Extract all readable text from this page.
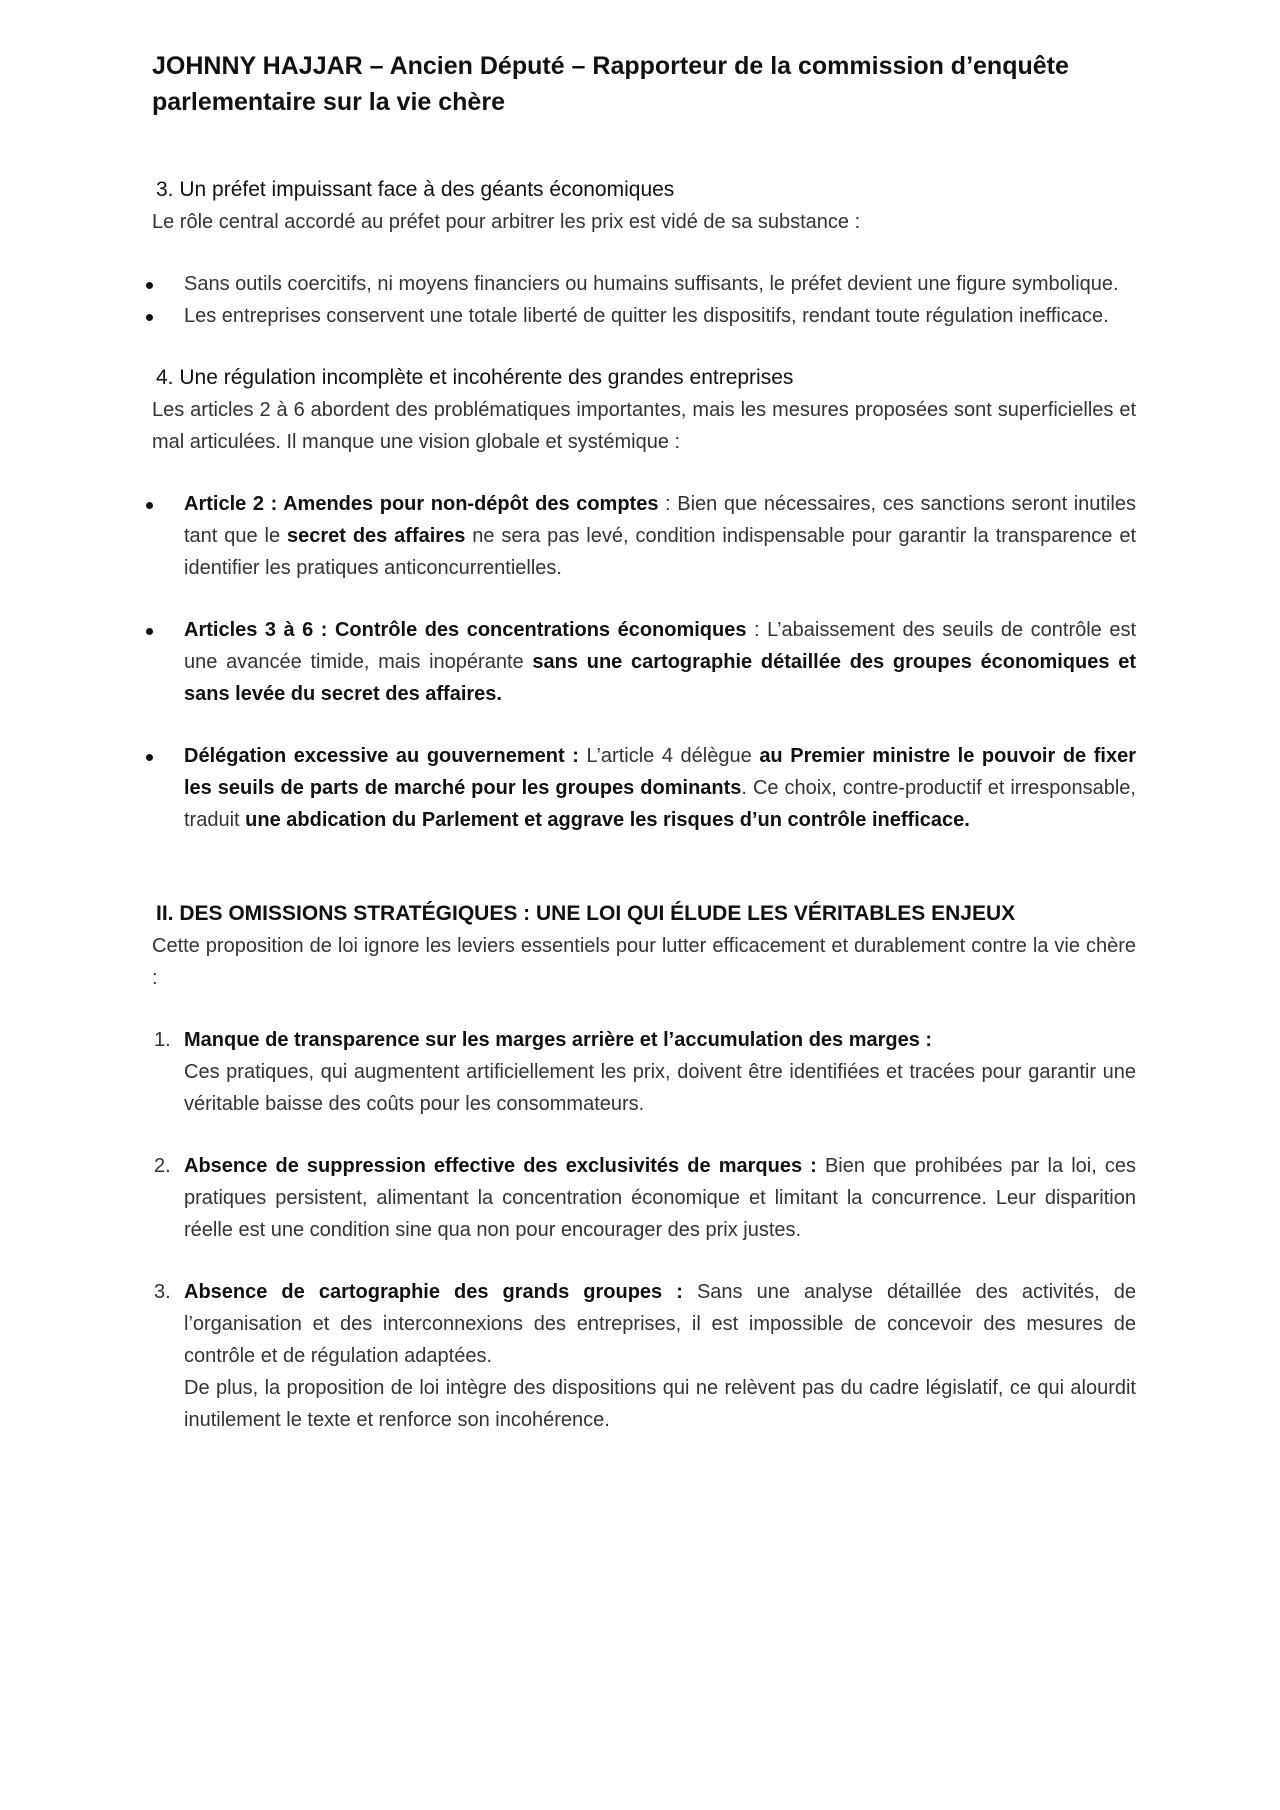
JOHNNY HAJJAR – Ancien Député – Rapporteur de la commission d’enquête parlementaire sur la vie chère

3. Un préfet impuissant face à des géants économiques

Le rôle central accordé au préfet pour arbitrer les prix est vidé de sa substance :

Sans outils coercitifs, ni moyens financiers ou humains suffisants, le préfet devient une figure symbolique.
Les entreprises conservent une totale liberté de quitter les dispositifs, rendant toute régulation inefficace.

4. Une régulation incomplète et incohérente des grandes entreprises

Les articles 2 à 6 abordent des problématiques importantes, mais les mesures proposées sont superficielles et mal articulées. Il manque une vision globale et systémique :

Article 2 : Amendes pour non-dépôt des comptes : Bien que nécessaires, ces sanctions seront inutiles tant que le secret des affaires ne sera pas levé, condition indispensable pour garantir la transparence et identifier les pratiques anticoncurrentielles.
Articles 3 à 6 : Contrôle des concentrations économiques : L’abaissement des seuils de contrôle est une avancée timide, mais inopérante sans une cartographie détaillée des groupes économiques et sans levée du secret des affaires.
Délégation excessive au gouvernement : L’article 4 délègue au Premier ministre le pouvoir de fixer les seuils de parts de marché pour les groupes dominants. Ce choix, contre-productif et irresponsable, traduit une abdication du Parlement et aggrave les risques d’un contrôle inefficace.

II. DES OMISSIONS STRATÉGIQUES : UNE LOI QUI ÉLUDE LES VÉRITABLES ENJEUX

Cette proposition de loi ignore les leviers essentiels pour lutter efficacement et durablement contre la vie chère :

1. Manque de transparence sur les marges arrière et l’accumulation des marges :
Ces pratiques, qui augmentent artificiellement les prix, doivent être identifiées et tracées pour garantir une véritable baisse des coûts pour les consommateurs.
2. Absence de suppression effective des exclusivités de marques : Bien que prohibées par la loi, ces pratiques persistent, alimentant la concentration économique et limitant la concurrence. Leur disparition réelle est une condition sine qua non pour encourager des prix justes.
3. Absence de cartographie des grands groupes : Sans une analyse détaillée des activités, de l’organisation et des interconnexions des entreprises, il est impossible de concevoir des mesures de contrôle et de régulation adaptées.
De plus, la proposition de loi intègre des dispositions qui ne relèvent pas du cadre législatif, ce qui alourdit inutilement le texte et renforce son incohérence.
